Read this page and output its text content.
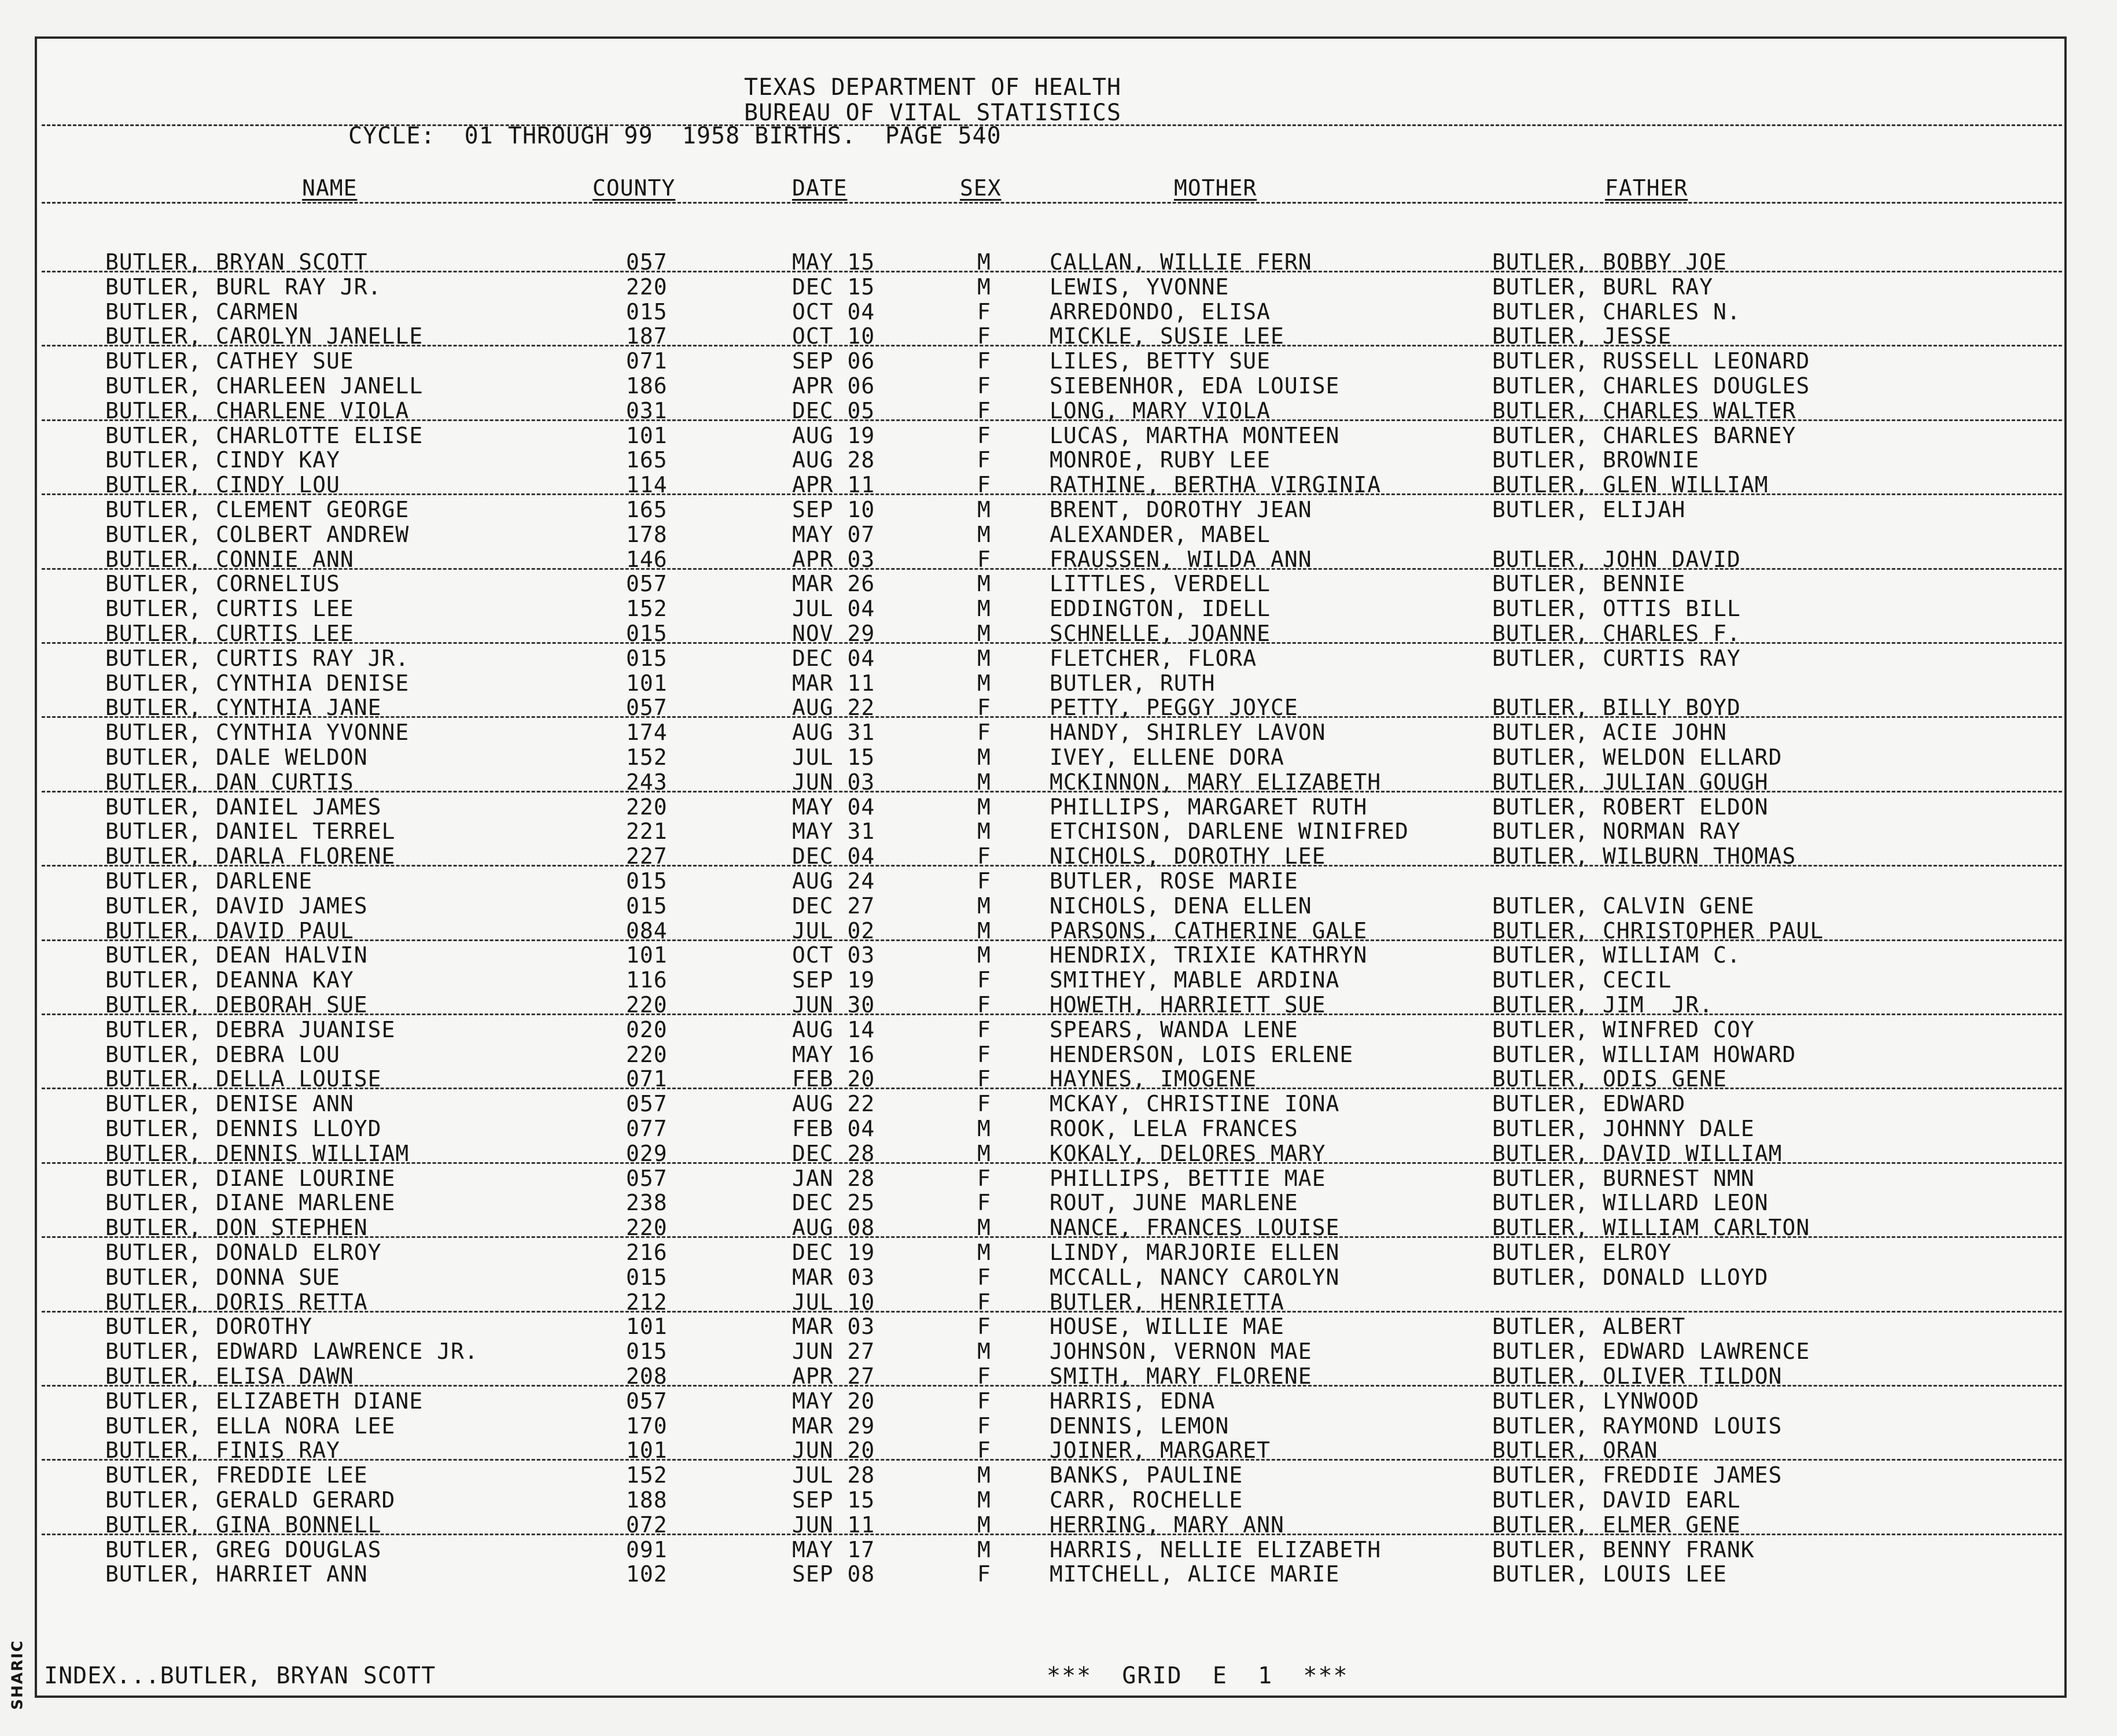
TEXAS DEPARTMENT OF HEALTH
BUREAU OF VITAL STATISTICS
CYCLE:  01 THROUGH 99  1958 BIRTHS.  PAGE 540
NAME	COUNTY	DATE	SEX	MOTHER	FATHER
BUTLER, BRYAN SCOTT	057	MAY 15	M	CALLAN, WILLIE FERN	BUTLER, BOBBY JOE
BUTLER, BURL RAY JR.	220	DEC 15	M	LEWIS, YVONNE	BUTLER, BURL RAY
BUTLER, CARMEN	015	OCT 04	F	ARREDONDO, ELISA	BUTLER, CHARLES N.
BUTLER, CAROLYN JANELLE	187	OCT 10	F	MICKLE, SUSIE LEE	BUTLER, JESSE
BUTLER, CATHEY SUE	071	SEP 06	F	LILES, BETTY SUE	BUTLER, RUSSELL LEONARD
BUTLER, CHARLEEN JANELL	186	APR 06	F	SIEBENHOR, EDA LOUISE	BUTLER, CHARLES DOUGLES
BUTLER, CHARLENE VIOLA	031	DEC 05	F	LONG, MARY VIOLA	BUTLER, CHARLES WALTER
BUTLER, CHARLOTTE ELISE	101	AUG 19	F	LUCAS, MARTHA MONTEEN	BUTLER, CHARLES BARNEY
BUTLER, CINDY KAY	165	AUG 28	F	MONROE, RUBY LEE	BUTLER, BROWNIE
BUTLER, CINDY LOU	114	APR 11	F	RATHINE, BERTHA VIRGINIA	BUTLER, GLEN WILLIAM
BUTLER, CLEMENT GEORGE	165	SEP 10	M	BRENT, DOROTHY JEAN	BUTLER, ELIJAH
BUTLER, COLBERT ANDREW	178	MAY 07	M	ALEXANDER, MABEL
BUTLER, CONNIE ANN	146	APR 03	F	FRAUSSEN, WILDA ANN	BUTLER, JOHN DAVID
BUTLER, CORNELIUS	057	MAR 26	M	LITTLES, VERDELL	BUTLER, BENNIE
BUTLER, CURTIS LEE	152	JUL 04	M	EDDINGTON, IDELL	BUTLER, OTTIS BILL
BUTLER, CURTIS LEE	015	NOV 29	M	SCHNELLE, JOANNE	BUTLER, CHARLES F.
BUTLER, CURTIS RAY JR.	015	DEC 04	M	FLETCHER, FLORA	BUTLER, CURTIS RAY
BUTLER, CYNTHIA DENISE	101	MAR 11	M	BUTLER, RUTH
BUTLER, CYNTHIA JANE	057	AUG 22	F	PETTY, PEGGY JOYCE	BUTLER, BILLY BOYD
BUTLER, CYNTHIA YVONNE	174	AUG 31	F	HANDY, SHIRLEY LAVON	BUTLER, ACIE JOHN
BUTLER, DALE WELDON	152	JUL 15	M	IVEY, ELLENE DORA	BUTLER, WELDON ELLARD
BUTLER, DAN CURTIS	243	JUN 03	M	MCKINNON, MARY ELIZABETH	BUTLER, JULIAN GOUGH
BUTLER, DANIEL JAMES	220	MAY 04	M	PHILLIPS, MARGARET RUTH	BUTLER, ROBERT ELDON
BUTLER, DANIEL TERREL	221	MAY 31	M	ETCHISON, DARLENE WINIFRED	BUTLER, NORMAN RAY
BUTLER, DARLA FLORENE	227	DEC 04	F	NICHOLS, DOROTHY LEE	BUTLER, WILBURN THOMAS
BUTLER, DARLENE	015	AUG 24	F	BUTLER, ROSE MARIE
BUTLER, DAVID JAMES	015	DEC 27	M	NICHOLS, DENA ELLEN	BUTLER, CALVIN GENE
BUTLER, DAVID PAUL	084	JUL 02	M	PARSONS, CATHERINE GALE	BUTLER, CHRISTOPHER PAUL
BUTLER, DEAN HALVIN	101	OCT 03	M	HENDRIX, TRIXIE KATHRYN	BUTLER, WILLIAM C.
BUTLER, DEANNA KAY	116	SEP 19	F	SMITHEY, MABLE ARDINA	BUTLER, CECIL
BUTLER, DEBORAH SUE	220	JUN 30	F	HOWETH, HARRIETT SUE	BUTLER, JIM  JR.
BUTLER, DEBRA JUANISE	020	AUG 14	F	SPEARS, WANDA LENE	BUTLER, WINFRED COY
BUTLER, DEBRA LOU	220	MAY 16	F	HENDERSON, LOIS ERLENE	BUTLER, WILLIAM HOWARD
BUTLER, DELLA LOUISE	071	FEB 20	F	HAYNES, IMOGENE	BUTLER, ODIS GENE
BUTLER, DENISE ANN	057	AUG 22	F	MCKAY, CHRISTINE IONA	BUTLER, EDWARD
BUTLER, DENNIS LLOYD	077	FEB 04	M	ROOK, LELA FRANCES	BUTLER, JOHNNY DALE
BUTLER, DENNIS WILLIAM	029	DEC 28	M	KOKALY, DELORES MARY	BUTLER, DAVID WILLIAM
BUTLER, DIANE LOURINE	057	JAN 28	F	PHILLIPS, BETTIE MAE	BUTLER, BURNEST NMN
BUTLER, DIANE MARLENE	238	DEC 25	F	ROUT, JUNE MARLENE	BUTLER, WILLARD LEON
BUTLER, DON STEPHEN	220	AUG 08	M	NANCE, FRANCES LOUISE	BUTLER, WILLIAM CARLTON
BUTLER, DONALD ELROY	216	DEC 19	M	LINDY, MARJORIE ELLEN	BUTLER, ELROY
BUTLER, DONNA SUE	015	MAR 03	F	MCCALL, NANCY CAROLYN	BUTLER, DONALD LLOYD
BUTLER, DORIS RETTA	212	JUL 10	F	BUTLER, HENRIETTA
BUTLER, DOROTHY	101	MAR 03	F	HOUSE, WILLIE MAE	BUTLER, ALBERT
BUTLER, EDWARD LAWRENCE JR.	015	JUN 27	M	JOHNSON, VERNON MAE	BUTLER, EDWARD LAWRENCE
BUTLER, ELISA DAWN	208	APR 27	F	SMITH, MARY FLORENE	BUTLER, OLIVER TILDON
BUTLER, ELIZABETH DIANE	057	MAY 20	F	HARRIS, EDNA	BUTLER, LYNWOOD
BUTLER, ELLA NORA LEE	170	MAR 29	F	DENNIS, LEMON	BUTLER, RAYMOND LOUIS
BUTLER, FINIS RAY	101	JUN 20	F	JOINER, MARGARET	BUTLER, ORAN
BUTLER, FREDDIE LEE	152	JUL 28	M	BANKS, PAULINE	BUTLER, FREDDIE JAMES
BUTLER, GERALD GERARD	188	SEP 15	M	CARR, ROCHELLE	BUTLER, DAVID EARL
BUTLER, GINA BONNELL	072	JUN 11	M	HERRING, MARY ANN	BUTLER, ELMER GENE
BUTLER, GREG DOUGLAS	091	MAY 17	M	HARRIS, NELLIE ELIZABETH	BUTLER, BENNY FRANK
BUTLER, HARRIET ANN	102	SEP 08	F	MITCHELL, ALICE MARIE	BUTLER, LOUIS LEE
INDEX...BUTLER, BRYAN SCOTT	***  GRID  E  1  ***
SHARIC
